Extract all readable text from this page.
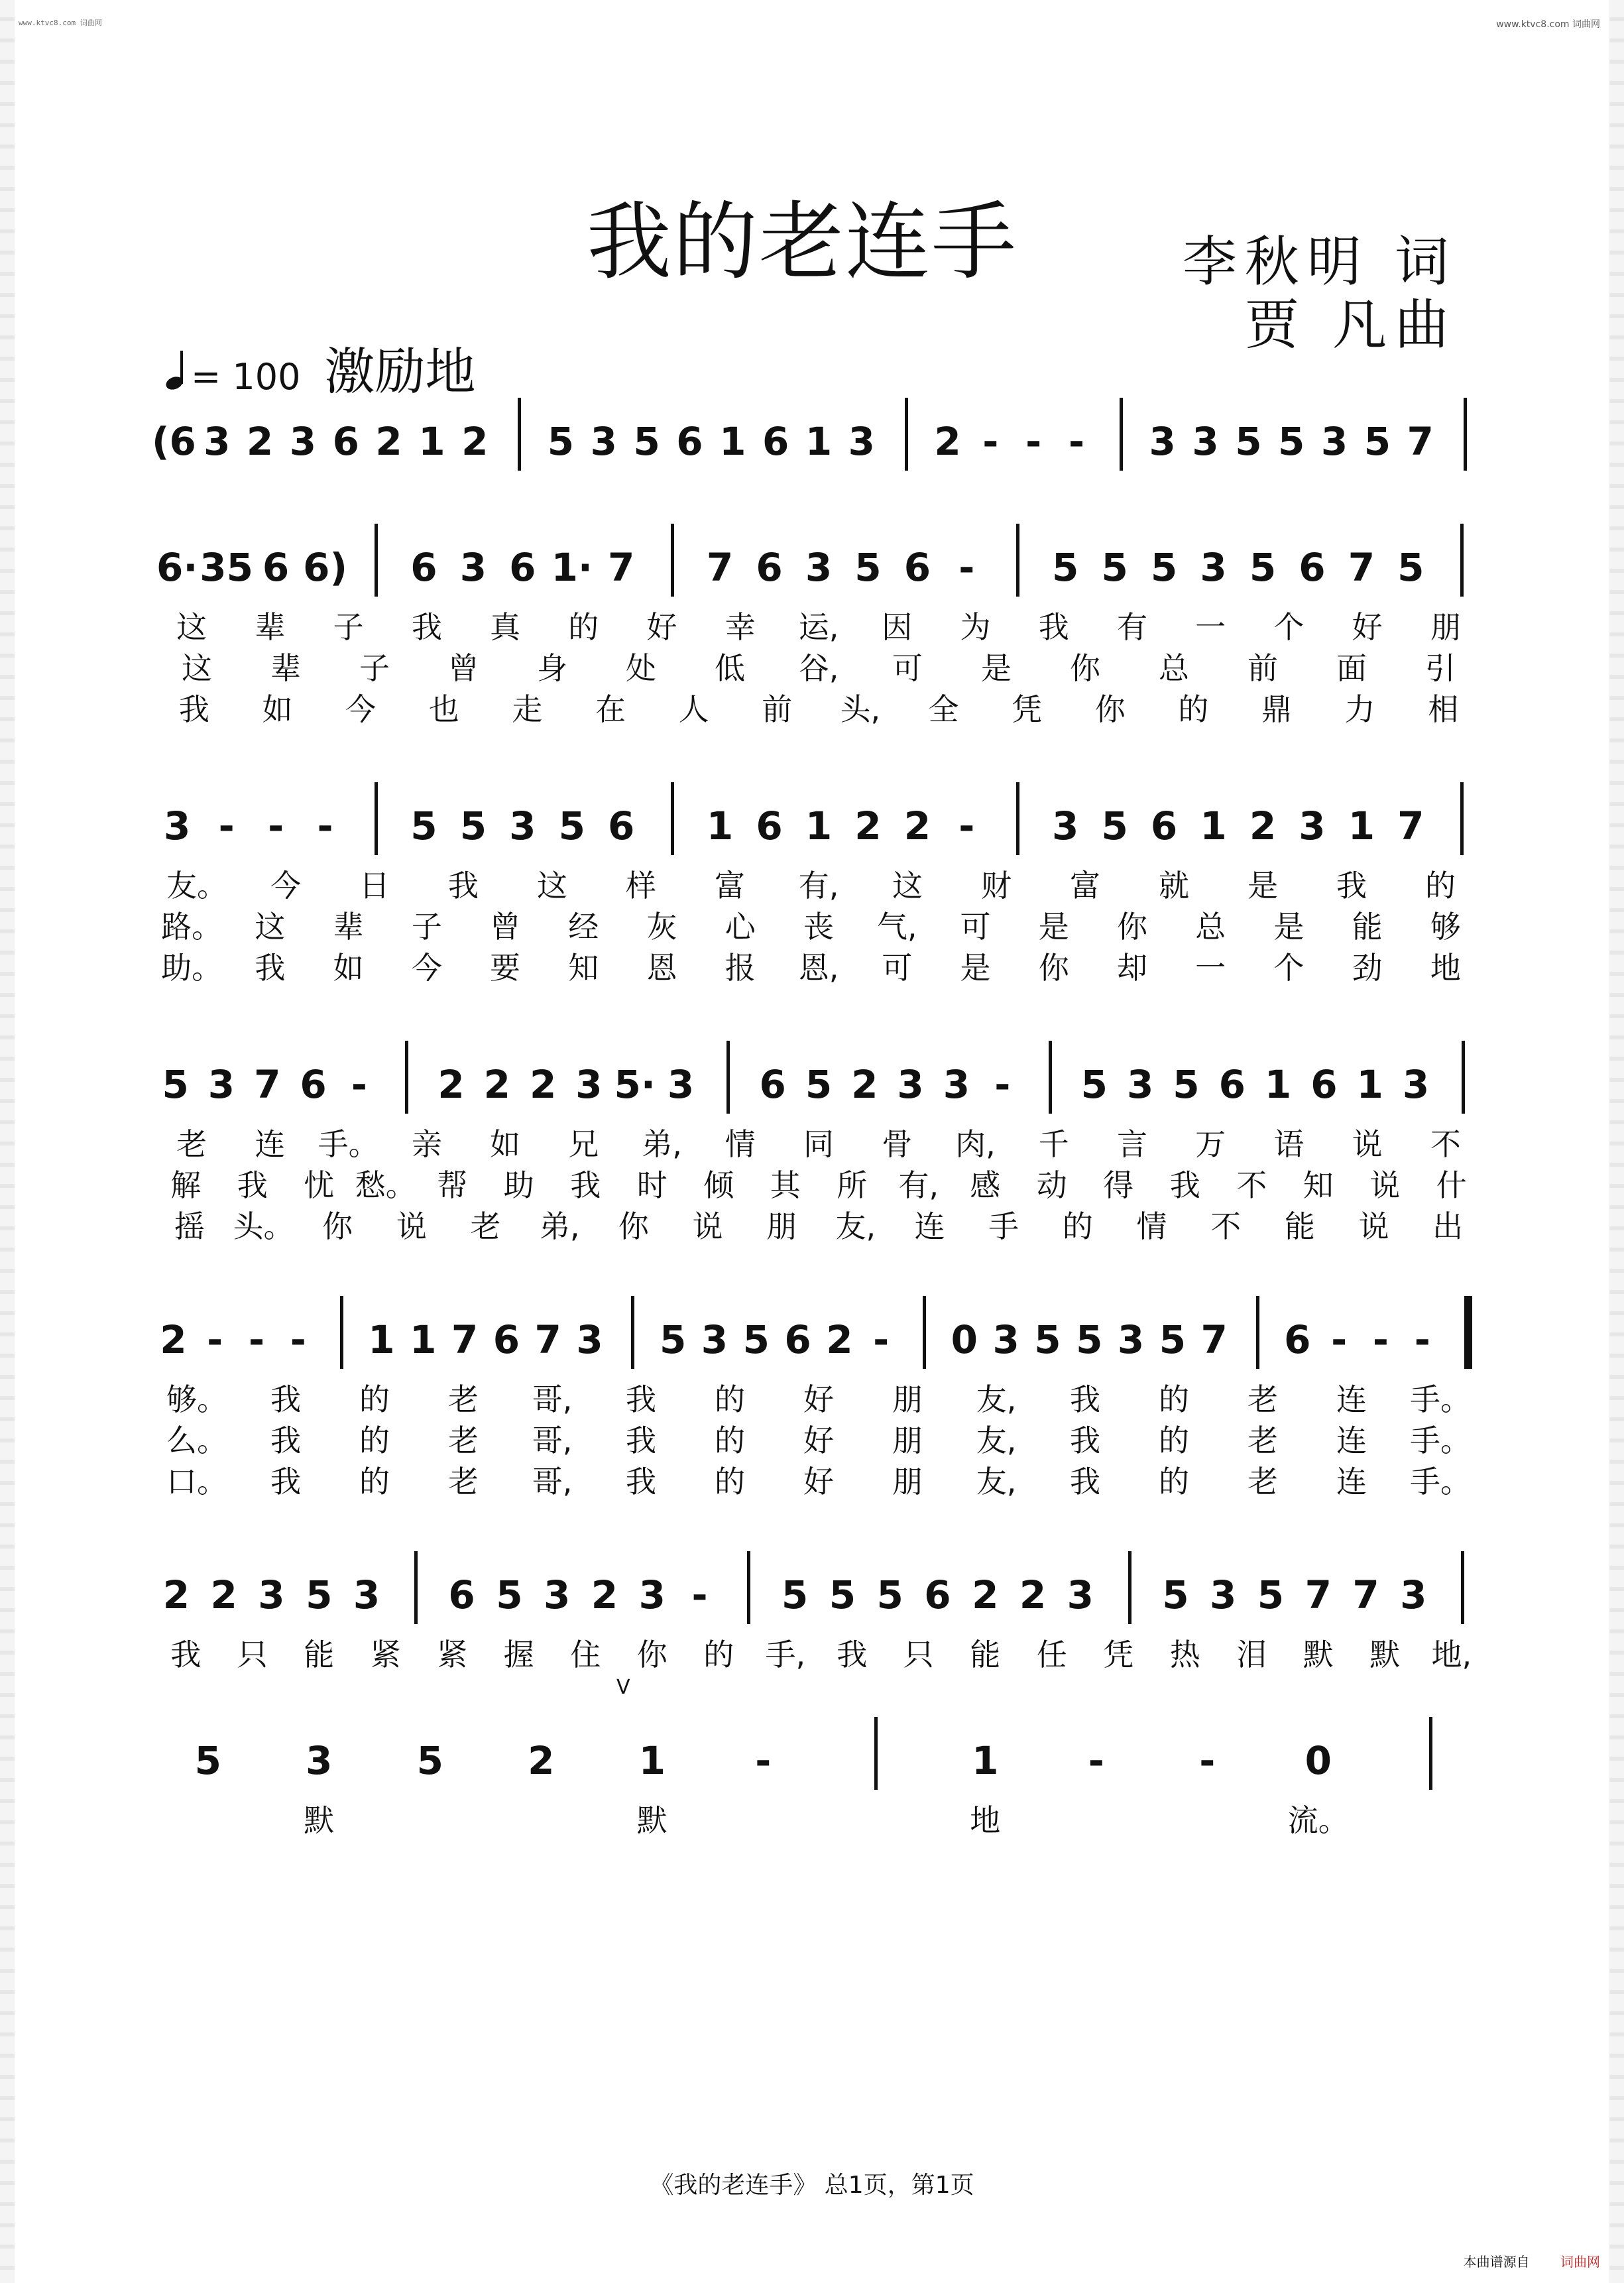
www.ktvc8.com 词曲网	www.ktvc8.com 词曲网
我的老连手	李秋明 词
贾 凡曲
= 100 激励地
(6 3 2 3 6 2 1 2 5 3 5 6 1 6 1 3 2 - - - 3 3 5 5 3 5 7
6· 35 6 6) 6 3 6 1· 7 7 6 3 5 6 - 5 5 5 3 5 6 7 5
这 辈 子 我 真 的 好 幸 运, 因 为 我 有 一 个 好 朋
这 辈 子 曾 身 处 低 谷, 可 是 你 总 前 面 引
我 如 今 也 走 在 人 前 头, 全 凭 你 的 鼎 力 相
3 - - - 5 5 3 5 6 1 6 1 2 2 - 3 5 6 1 2 3 1 7
友。 今 日 我 这 样 富 有, 这 财 富 就 是 我 的
路。 这 辈 子 曾 经 灰 心 丧 气, 可 是 你 总 是 能 够
助。 我 如 今 要 知 恩 报 恩, 可 是 你 却 一 个 劲 地
5 3 7 6 - 2 2 2 3 5· 3 6 5 2 3 3 - 5 3 5 6 1 6 1 3
老 连 手。 亲 如 兄 弟, 情 同 骨 肉, 千 言 万 语 说 不
解 我 忧 愁。 帮 助 我 时 倾 其 所 有, 感 动 得 我 不 知 说 什
摇 头。 你 说 老 弟, 你 说 朋 友, 连 手 的 情 不 能 说 出
2 - - - 1 1 7 6 7 3 5 3 5 6 2 - 0 3 5 5 3 5 7 6 - - -
够。 我 的 老 哥, 我 的 好 朋 友, 我 的 老 连 手。
么。 我 的 老 哥, 我 的 好 朋 友, 我 的 老 连 手。
口。 我 的 老 哥, 我 的 好 朋 友, 我 的 老 连 手。
2 2 3 5 3 6 5 3 2 3 - 5 5 5 6 2 2 3 5 3 5 7 7 3
我 只 能 紧 紧 握 住 你 的 手, 我 只 能 任 凭 热 泪 默 默 地,
5 3 5 2 1 -	1 - - 0
默	默	地	流。
V
《我的老连手》 总1页，第1页
本曲谱源自 词曲网
